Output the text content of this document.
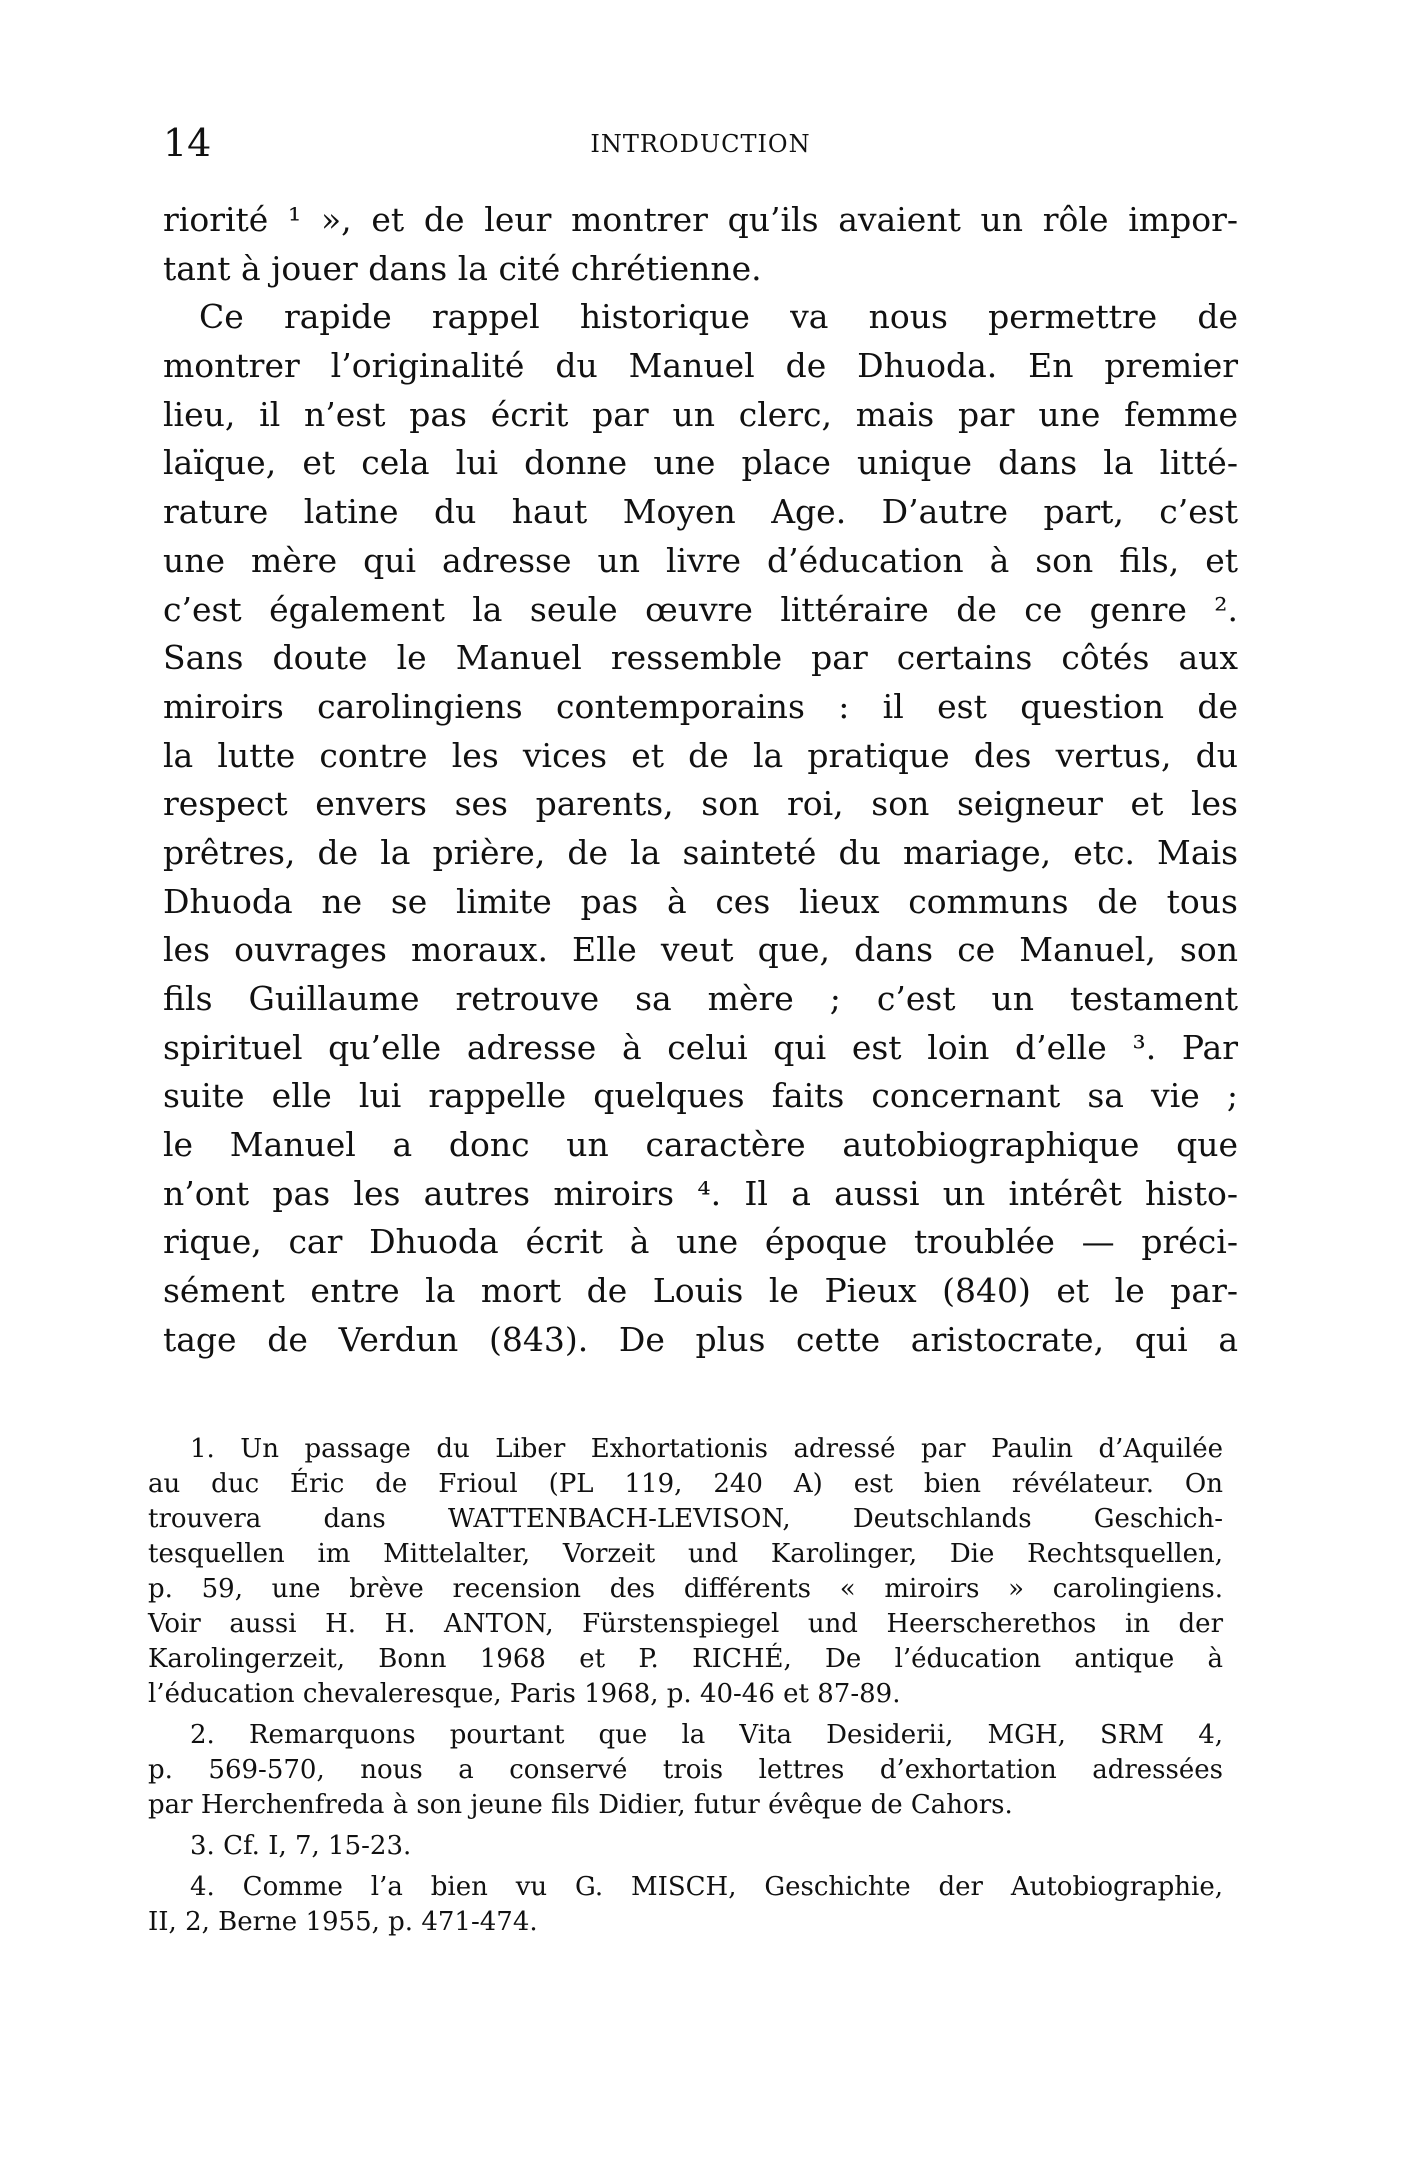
14	INTRODUCTION
riorité ¹ », et de leur montrer qu’ils avaient un rôle impor-
tant à jouer dans la cité chrétienne.
Ce rapide rappel historique va nous permettre de
montrer l’originalité du Manuel de Dhuoda. En premier
lieu, il n’est pas écrit par un clerc, mais par une femme
laïque, et cela lui donne une place unique dans la litté-
rature latine du haut Moyen Age. D’autre part, c’est
une mère qui adresse un livre d’éducation à son fils, et
c’est également la seule œuvre littéraire de ce genre ².
Sans doute le Manuel ressemble par certains côtés aux
miroirs carolingiens contemporains : il est question de
la lutte contre les vices et de la pratique des vertus, du
respect envers ses parents, son roi, son seigneur et les
prêtres, de la prière, de la sainteté du mariage, etc. Mais
Dhuoda ne se limite pas à ces lieux communs de tous
les ouvrages moraux. Elle veut que, dans ce Manuel, son
fils Guillaume retrouve sa mère ; c’est un testament
spirituel qu’elle adresse à celui qui est loin d’elle ³. Par
suite elle lui rappelle quelques faits concernant sa vie ;
le Manuel a donc un caractère autobiographique que
n’ont pas les autres miroirs ⁴. Il a aussi un intérêt histo-
rique, car Dhuoda écrit à une époque troublée — préci-
sément entre la mort de Louis le Pieux (840) et le par-
tage de Verdun (843). De plus cette aristocrate, qui a
1. Un passage du Liber Exhortationis adressé par Paulin d’Aquilée
au duc Éric de Frioul (PL 119, 240 A) est bien révélateur. On
trouvera dans WATTENBACH-LEVISON, Deutschlands Geschich-
tesquellen im Mittelalter, Vorzeit und Karolinger, Die Rechtsquellen,
p. 59, une brève recension des différents « miroirs » carolingiens.
Voir aussi H. H. ANTON, Fürstenspiegel und Heerscherethos in der
Karolingerzeit, Bonn 1968 et P. RICHÉ, De l’éducation antique à
l’éducation chevaleresque, Paris 1968, p. 40-46 et 87-89.
2. Remarquons pourtant que la Vita Desiderii, MGH, SRM 4,
p. 569-570, nous a conservé trois lettres d’exhortation adressées
par Herchenfreda à son jeune fils Didier, futur évêque de Cahors.
3. Cf. I, 7, 15-23.
4. Comme l’a bien vu G. MISCH, Geschichte der Autobiographie,
II, 2, Berne 1955, p. 471-474.
